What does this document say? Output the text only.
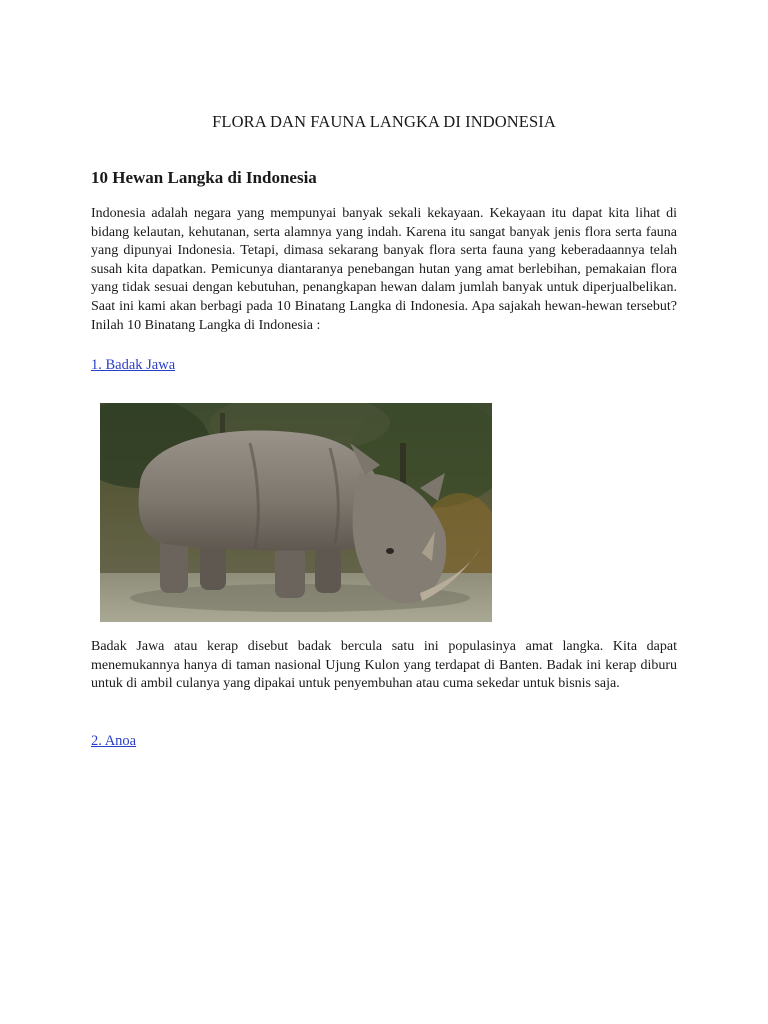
FLORA DAN FAUNA LANGKA DI INDONESIA
10 Hewan Langka di Indonesia

Indonesia adalah negara yang mempunyai banyak sekali kekayaan. Kekayaan itu dapat kita lihat di bidang kelautan, kehutanan, serta alamnya yang indah. Karena itu sangat banyak jenis flora serta fauna yang dipunyai Indonesia. Tetapi, dimasa sekarang banyak flora serta fauna yang keberadaannya telah susah kita dapatkan. Pemicunya diantaranya penebangan hutan yang amat berlebihan, pemakaian flora yang tidak sesuai dengan kebutuhan, penangkapan hewan dalam jumlah banyak untuk diperjualbelikan. Saat ini kami akan berbagi pada 10 Binatang Langka di Indonesia. Apa sajakah hewan-hewan tersebut? Inilah 10 Binatang Langka di Indonesia :

1. Badak Jawa

Badak Jawa atau kerap disebut badak bercula satu ini populasinya amat langka. Kita dapat menemukannya hanya di taman nasional Ujung Kulon yang terdapat di Banten. Badak ini kerap diburu untuk di ambil culanya yang dipakai untuk penyembuhan atau cuma sekedar untuk bisnis saja.

2. Anoa
